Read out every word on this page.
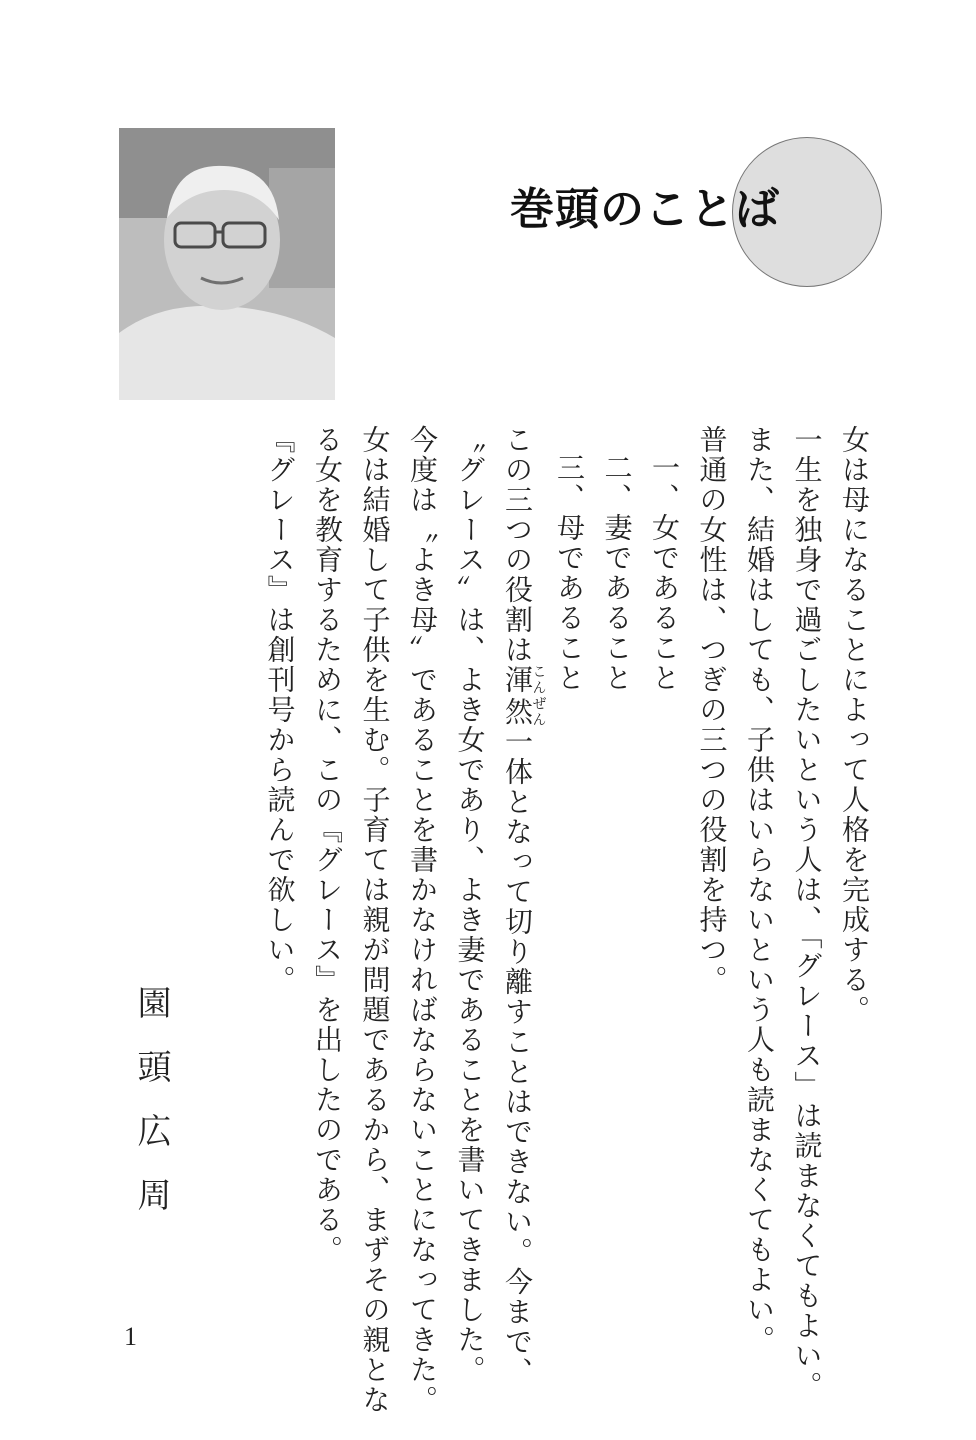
巻頭のことば

女は母になることによって人格を完成する。

一生を独身で過ごしたいという人は、「グレース」は読まなくてもよい。

また、結婚はしても、子供はいらないという人も読まなくてもよい。

普通の女性は、つぎの三つの役割を持つ。

一、女であること

二、妻であること

三、母であること

この三つの役割は渾然こんぜん一体となって切り離すことはできない。今まで、

〝グレース〟は、よき女であり、よき妻であることを書いてきました。

今度は〝よき母〟であることを書かなければならないことになってきた。

女は結婚して子供を生む。子育ては親が問題であるから、まずその親とな

る女を教育するために、この『グレース』を出したのである。

『グレース』は創刊号から読んで欲しい。

園頭広周
1
